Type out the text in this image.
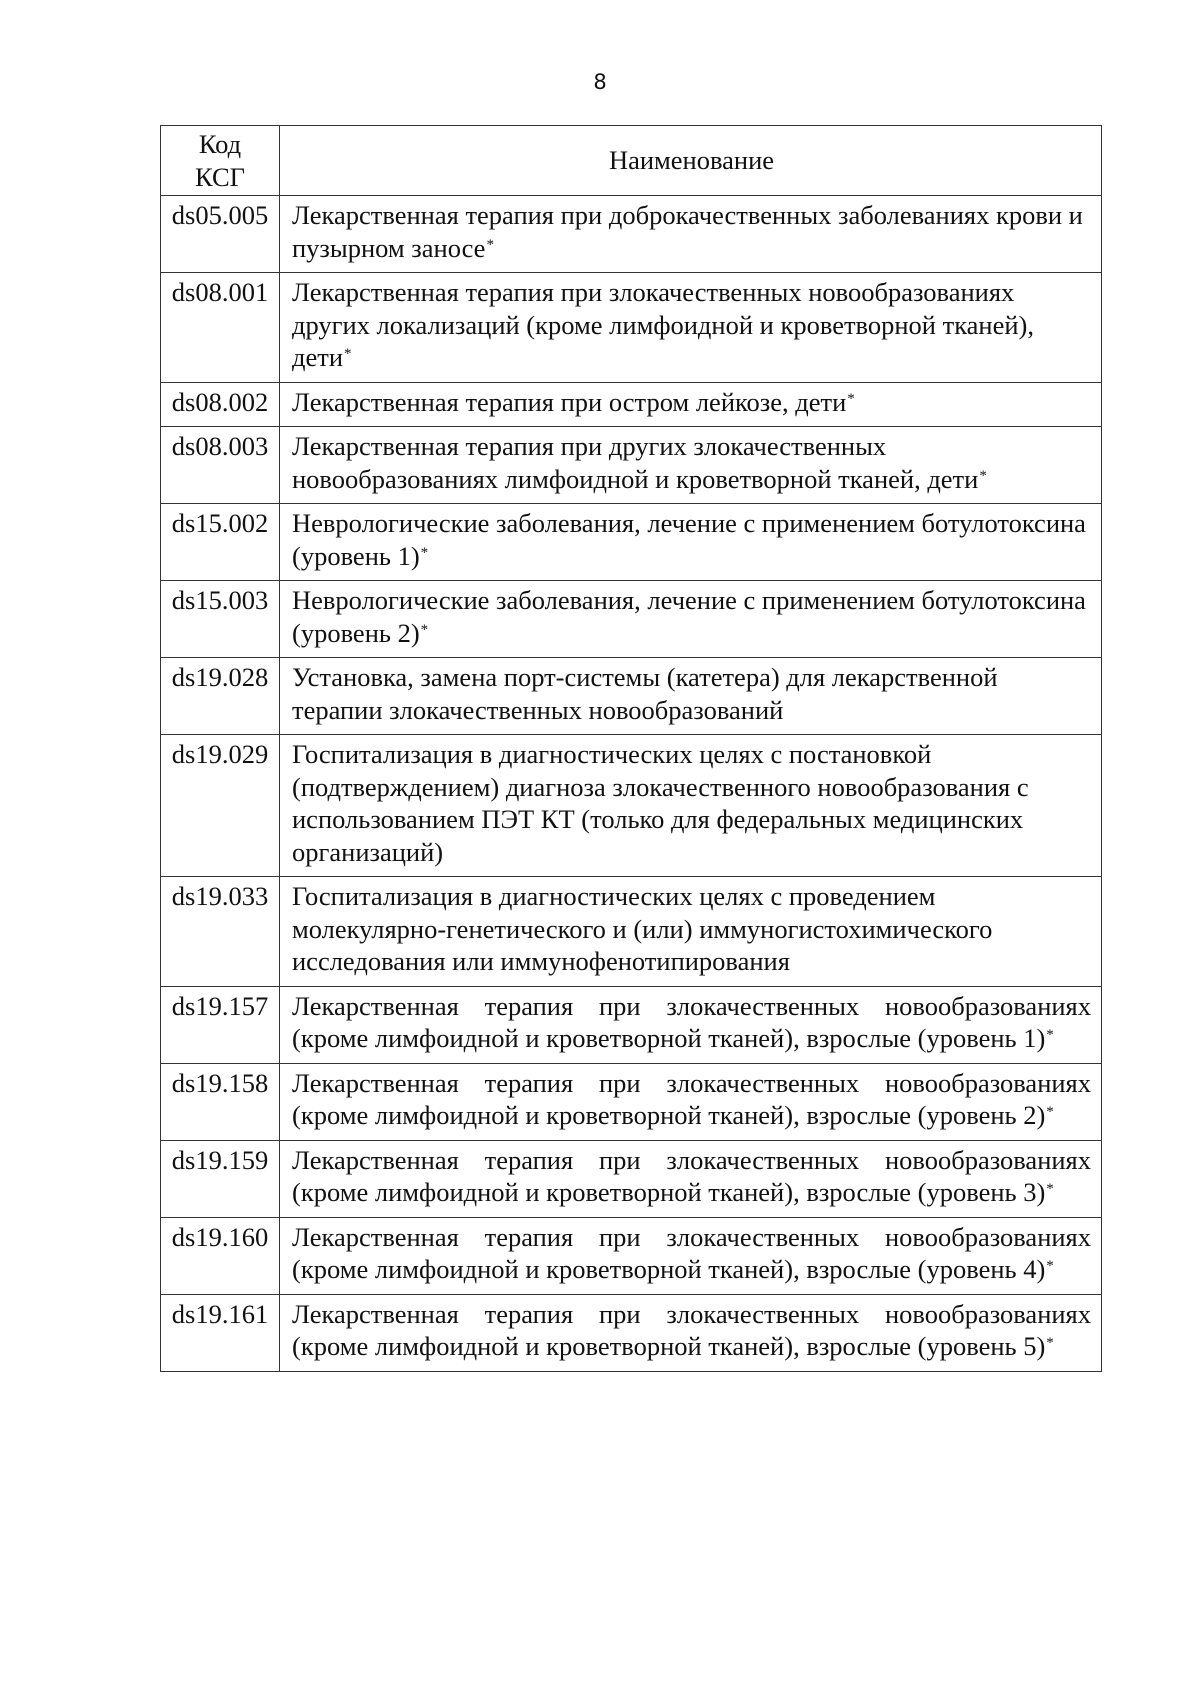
8
Код
КСГ	Наименование
ds05.005	Лекарственная терапия при доброкачественных заболеваниях крови и пузырном заносе*
ds08.001	Лекарственная терапия при злокачественных новообразованиях других локализаций (кроме лимфоидной и кроветворной тканей), дети*
ds08.002	Лекарственная терапия при остром лейкозе, дети*
ds08.003	Лекарственная терапия при других злокачественных новообразованиях лимфоидной и кроветворной тканей, дети*
ds15.002	Неврологические заболевания, лечение с применением ботулотоксина (уровень 1)*
ds15.003	Неврологические заболевания, лечение с применением ботулотоксина (уровень 2)*
ds19.028	Установка, замена порт-системы (катетера) для лекарственной терапии злокачественных новообразований
ds19.029	Госпитализация в диагностических целях с постановкой (подтверждением) диагноза злокачественного новообразования с использованием ПЭТ КТ (только для федеральных медицинских организаций)
ds19.033	Госпитализация в диагностических целях с проведением молекулярно-генетического и (или) иммуногистохимического исследования или иммунофенотипирования
ds19.157	Лекарственная терапия при злокачественных новообразованиях (кроме лимфоидной и кроветворной тканей), взрослые (уровень 1)*
ds19.158	Лекарственная терапия при злокачественных новообразованиях (кроме лимфоидной и кроветворной тканей), взрослые (уровень 2)*
ds19.159	Лекарственная терапия при злокачественных новообразованиях (кроме лимфоидной и кроветворной тканей), взрослые (уровень 3)*
ds19.160	Лекарственная терапия при злокачественных новообразованиях (кроме лимфоидной и кроветворной тканей), взрослые (уровень 4)*
ds19.161	Лекарственная терапия при злокачественных новообразованиях (кроме лимфоидной и кроветворной тканей), взрослые (уровень 5)*
